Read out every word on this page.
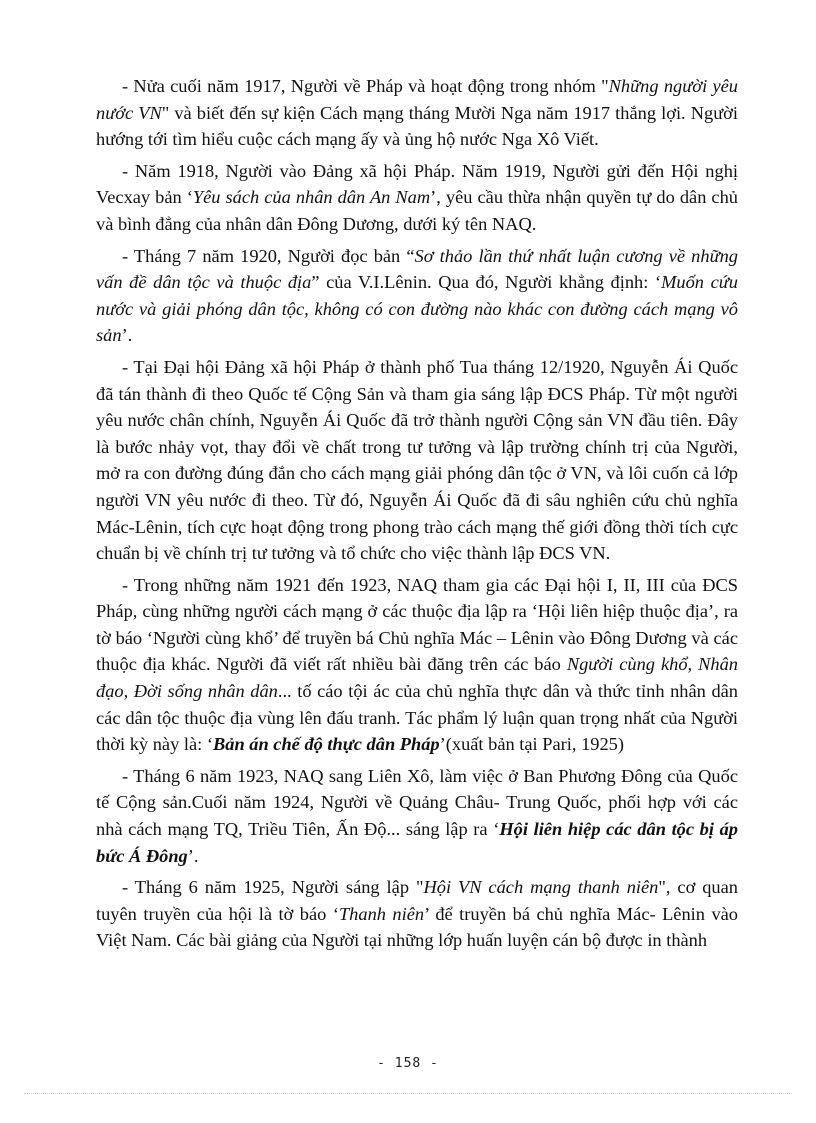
- Nửa cuối năm 1917, Người về Pháp và hoạt động trong nhóm "Những người yêu nước VN" và biết đến sự kiện Cách mạng tháng Mười Nga năm 1917 thắng lợi. Người hướng tới tìm hiểu cuộc cách mạng ấy và ủng hộ nước Nga Xô Viết.

- Năm 1918, Người vào Đảng xã hội Pháp. Năm 1919, Người gửi đến Hội nghị Vecxay bản ‘Yêu sách của nhân dân An Nam’, yêu cầu thừa nhận quyền tự do dân chủ và bình đẳng của nhân dân Đông Dương, dưới ký tên NAQ.

- Tháng 7 năm 1920, Người đọc bản “Sơ thảo lần thứ nhất luận cương về những vấn đề dân tộc và thuộc địa” của V.I.Lênin. Qua đó, Người khẳng định: ‘Muốn cứu nước và giải phóng dân tộc, không có con đường nào khác con đường cách mạng vô sản’.

- Tại Đại hội Đảng xã hội Pháp ở thành phố Tua tháng 12/1920, Nguyễn Ái Quốc đã tán thành đi theo Quốc tế Cộng Sản và tham gia sáng lập ĐCS Pháp. Từ một người yêu nước chân chính, Nguyễn Ái Quốc đã trở thành người Cộng sản VN đầu tiên. Đây là bước nhảy vọt, thay đổi về chất trong tư tưởng và lập trường chính trị của Người, mở ra con đường đúng đắn cho cách mạng giải phóng dân tộc ở VN, và lôi cuốn cả lớp người VN yêu nước đi theo. Từ đó, Nguyễn Ái Quốc đã đi sâu nghiên cứu chủ nghĩa Mác-Lênin, tích cực hoạt động trong phong trào cách mạng thế giới đồng thời tích cực chuẩn bị về chính trị tư tưởng và tổ chức cho việc thành lập ĐCS VN.

- Trong những năm 1921 đến 1923, NAQ tham gia các Đại hội I, II, III của ĐCS Pháp, cùng những người cách mạng ở các thuộc địa lập ra ‘Hội liên hiệp thuộc địa’, ra tờ báo ‘Người cùng khổ’ để truyền bá Chủ nghĩa Mác – Lênin vào Đông Dương và các thuộc địa khác. Người đã viết rất nhiều bài đăng trên các báo Người cùng khổ, Nhân đạo, Đời sống nhân dân... tố cáo tội ác của chủ nghĩa thực dân và thức tỉnh nhân dân các dân tộc thuộc địa vùng lên đấu tranh. Tác phẩm lý luận quan trọng nhất của Người thời kỳ này là: ‘Bản án chế độ thực dân Pháp’(xuất bản tại Pari, 1925)

- Tháng 6 năm 1923, NAQ sang Liên Xô, làm việc ở Ban Phương Đông của Quốc tế Cộng sản.Cuối năm 1924, Người về Quảng Châu- Trung Quốc, phối hợp với các nhà cách mạng TQ, Triều Tiên, Ấn Độ... sáng lập ra ‘Hội liên hiệp các dân tộc bị áp bức Á Đông’.

- Tháng 6 năm 1925, Người sáng lập "Hội VN cách mạng thanh niên", cơ quan tuyên truyền của hội là tờ báo ‘Thanh niên’ để truyền bá chủ nghĩa Mác- Lênin vào Việt Nam. Các bài giảng của Người tại những lớp huấn luyện cán bộ được in thành

- 158 -
